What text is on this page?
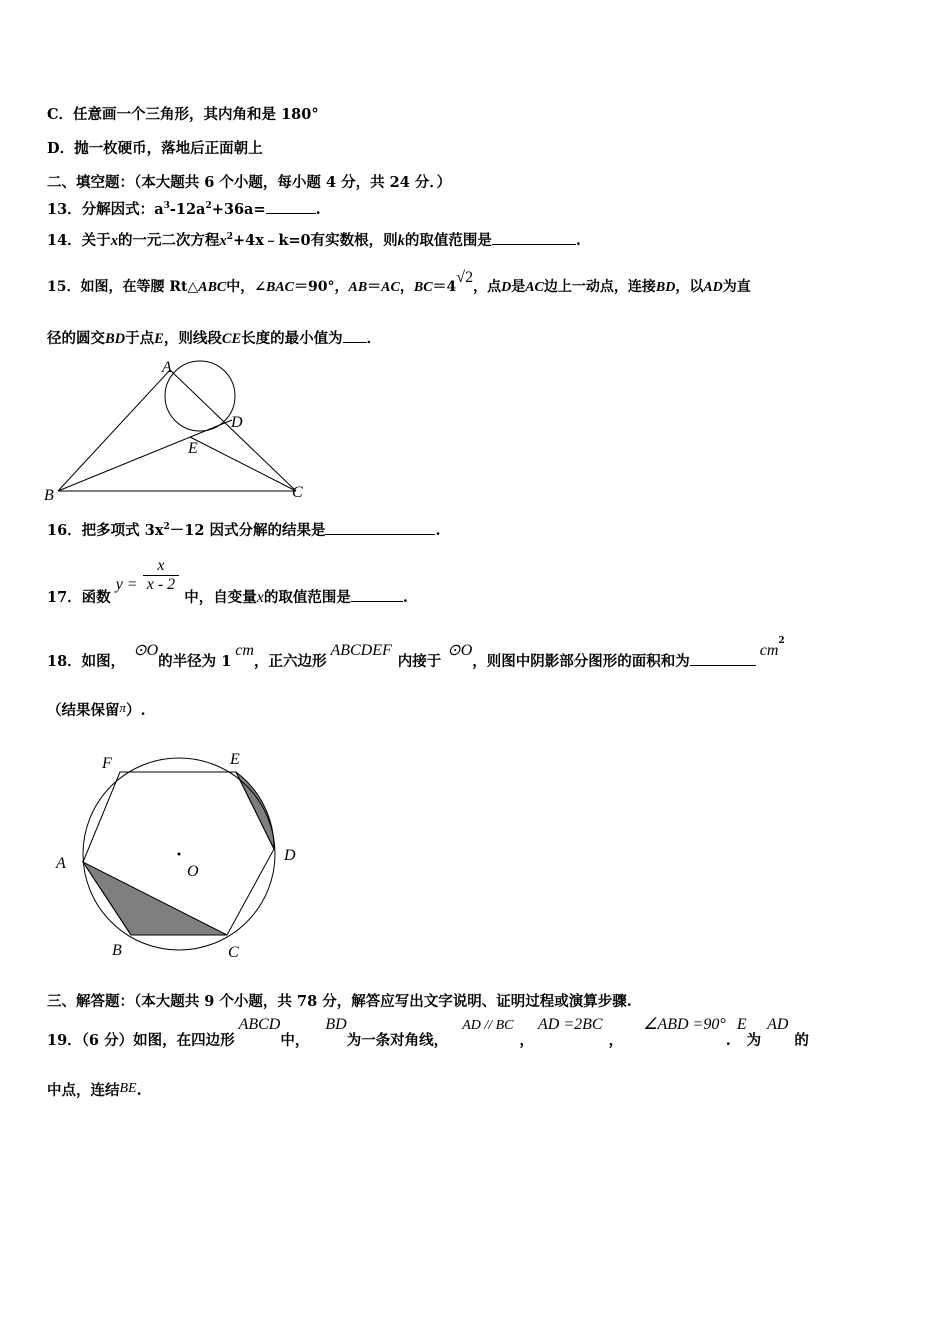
C．任意画一个三角形，其内角和是 180°
D．抛一枚硬币，落地后正面朝上
二、填空题：（本大题共 6 个小题，每小题 4 分，共 24 分．）
13．分解因式：$a^3-12a^2+36a=$	.
14．关于x的一元二次方程$x^2+4x﹣k=0$有实数根，则k的取值范围是	.
15．如图，在等腰 Rt△ABC中，∠BAC＝90°，AB＝AC，BC＝4√2，点D是AC边上一动点，连接BD，以AD为直
径的圆交BD于点E，则线段CE长度的最小值为 ．
A
B	C
D
E
16．把多项式 $3x^2-12$ 因式分解的结果是	.
17．函数 $y = \frac{x}{x - 2}$
中，自变量x的取值范围是	.
18．如图，⊙O的半径为 1cm，正六边形ABCDEF内接于⊙O，则图中阴影部分图形的面积和为$cm^2$
（结果保留π）.
F	E
A	D
O
B	C
三、解答题：（本大题共 9 个小题，共 78 分，解答应写出文字说明、证明过程或演算步骤.
19．（6 分）如图，在四边形ABCD中，BD为一条对角线，AD // BC，AD =2BC，∠ABD =90°.E为AD的
中点，连结BE.
